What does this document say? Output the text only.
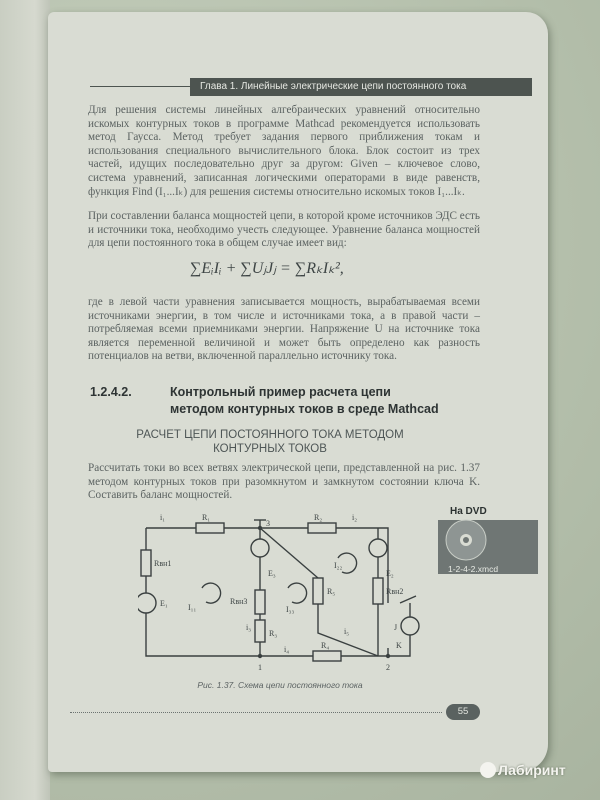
Глава 1. Линейные электрические цепи постоянного тока
Для решения системы линейных алгебраических уравнений относительно искомых контурных токов в программе Mathcad рекомендуется использовать метод Гаусса. Метод требует задания первого приближения токам и использования специального вычислительного блока. Блок состоит из трех частей, идущих последовательно друг за другом: Given – ключевое слово, система уравнений, записанная логическими операторами в виде равенств, функция Find (I₁...Iₖ) для решения системы относительно искомых токов I₁...Iₖ.
При составлении баланса мощностей цепи, в которой кроме источников ЭДС есть и источники тока, необходимо учесть следующее. Уравнение баланса мощностей для цепи постоянного тока в общем случае имеет вид:
∑EᵢIᵢ + ∑UⱼJⱼ = ∑RₖIₖ²,
где в левой части уравнения записывается мощность, вырабатываемая всеми источниками энергии, в том числе и источниками тока, а в правой части – потребляемая всеми приемниками энергии. Напряжение U на источнике тока является переменной величиной и может быть определено как разность потенциалов на ветви, включенной параллельно источнику тока.
1.2.4.2.	Контрольный пример расчета цепи
методом контурных токов в среде Mathcad
РАСЧЕТ ЦЕПИ ПОСТОЯННОГО ТОКА МЕТОДОМ КОНТУРНЫХ ТОКОВ
Рассчитать токи во всех ветвях электрической цепи, представленной на рис. 1.37 методом контурных токов при разомкнутом и замкнутом состоянии ключа K. Составить баланс мощностей.
i₁	R₁
3
R₂	i₂
Rвн1
E₁	I₁₁
E₃
Rвн3
I₃₃
I₂₂
R₅
E₂
Rвн2
i₃
R₃	i₅	J
i₄	R₄
1	2
K
Рис. 1.37. Схема цепи постоянного тока
На DVD
1-2-4-2.xmcd
55
Лабиринт
